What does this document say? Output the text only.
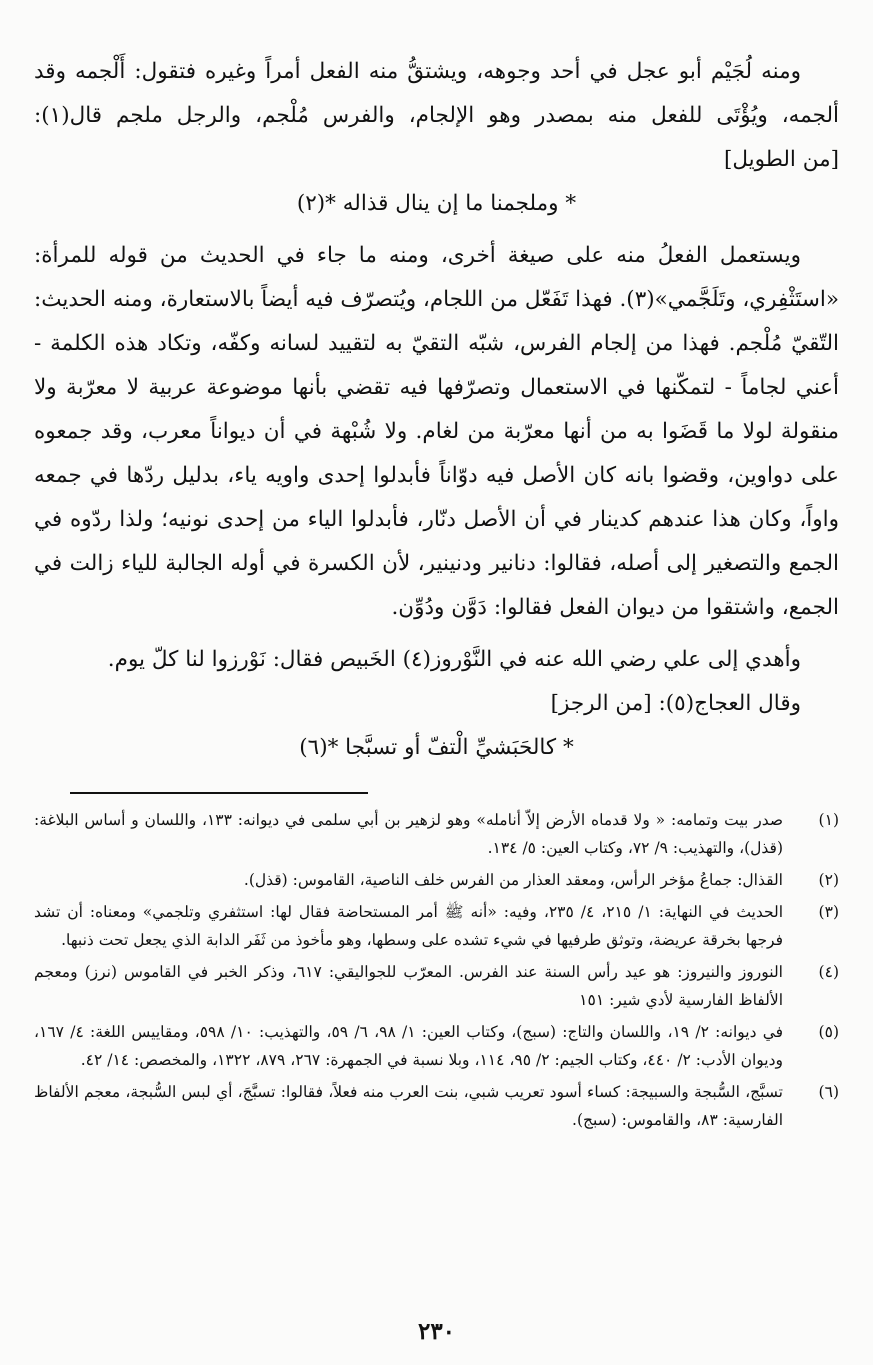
ومنه لُجَيْم أبو عجل في أحد وجوهه، ويشتقُّ منه الفعل أمراً وغيره فتقول: أَلْجمه وقد ألجمه، ويُؤْتَى للفعل منه بمصدر وهو الإلجام، والفرس مُلْجم، والرجل ملجم قال(١): [من الطويل]

* وملجمنا ما إن ينال قذاله *(٢)

ويستعمل الفعلُ منه على صيغة أخرى، ومنه ما جاء في الحديث من قوله للمرأة: «استَثْفِري، وتَلَجَّمي»(٣). فهذا تَفَعّل من اللجام، ويُتصرّف فيه أيضاً بالاستعارة، ومنه الحديث: التّقيّ مُلْجم. فهذا من إلجام الفرس، شبّه التقيّ به لتقييد لسانه وكفّه، وتكاد هذه الكلمة - أعني لجاماً - لتمكّنها في الاستعمال وتصرّفها فيه تقضي بأنها موضوعة عربية لا معرّبة ولا منقولة لولا ما قَضَوا به من أنها معرّبة من لغام. ولا شُبْهة في أن ديواناً معرب، وقد جمعوه على دواوين، وقضوا بانه كان الأصل فيه دوّاناً فأبدلوا إحدى واويه ياء، بدليل ردّها في جمعه واواً، وكان هذا عندهم كدينار في أن الأصل دنّار، فأبدلوا الياء من إحدى نونيه؛ ولذا ردّوه في الجمع والتصغير إلى أصله، فقالوا: دنانير ودنينير، لأن الكسرة في أوله الجالبة للياء زالت في الجمع، واشتقوا من ديوان الفعل فقالوا: دَوَّن ودُوِّن.

وأهدي إلى علي رضي الله عنه في النَّوْروز(٤) الخَبيص فقال: نَوْرزوا لنا كلّ يوم.

وقال العجاج(٥): [من الرجز]

* كالحَبَشيِّ الْتفّ أو تسبَّجا *(٦)

(١)
صدر بيت وتمامه: « ولا قدماه الأرض إلاّ أنامله» وهو لزهير بن أبي سلمى في ديوانه: ١٣٣، واللسان و أساس البلاغة: (قذل)، والتهذيب: ٩/ ٧٢، وكتاب العين: ٥/ ١٣٤.
(٢)
القذال: جماعُ مؤخر الرأس، ومعقد العذار من الفرس خلف الناصية، القاموس: (قذل).
(٣)
الحديث في النهاية: ١/ ٢١٥، ٤/ ٢٣٥، وفيه: «أنه ﷺ أمر المستحاضة فقال لها: استثفري وتلجمي» ومعناه: أن تشد فرجها بخرقة عريضة، وتوثق طرفيها في شيء تشده على وسطها، وهو مأخوذ من ثَفَر الدابة الذي يجعل تحت ذنبها.
(٤)
النوروز والنيروز: هو عيد رأس السنة عند الفرس. المعرّب للجواليقي: ٦١٧، وذكر الخبر في القاموس (نرز) ومعجم الألفاظ الفارسية لأدي شير: ١٥١
(٥)
في ديوانه: ٢/ ١٩، واللسان والتاج: (سبج)، وكتاب العين: ١/ ٩٨، ٦/ ٥٩، والتهذيب: ١٠/ ٥٩٨، ومقاييس اللغة: ٤/ ١٦٧، وديوان الأدب: ٢/ ٤٤٠، وكتاب الجيم: ٢/ ٩٥، ١١٤، وبلا نسبة في الجمهرة: ٢٦٧، ٨٧٩، ١٣٢٢، والمخصص: ١٤/ ٤٢.
(٦)
تسبَّج، السُّبجة والسبيجة: كساء أسود تعريب شبي، بنت العرب منه فعلاً، فقالوا: تسبَّجَ، أي لبس السُّبجة، معجم الألفاظ الفارسية: ٨٣، والقاموس: (سبج).
٢٣٠
